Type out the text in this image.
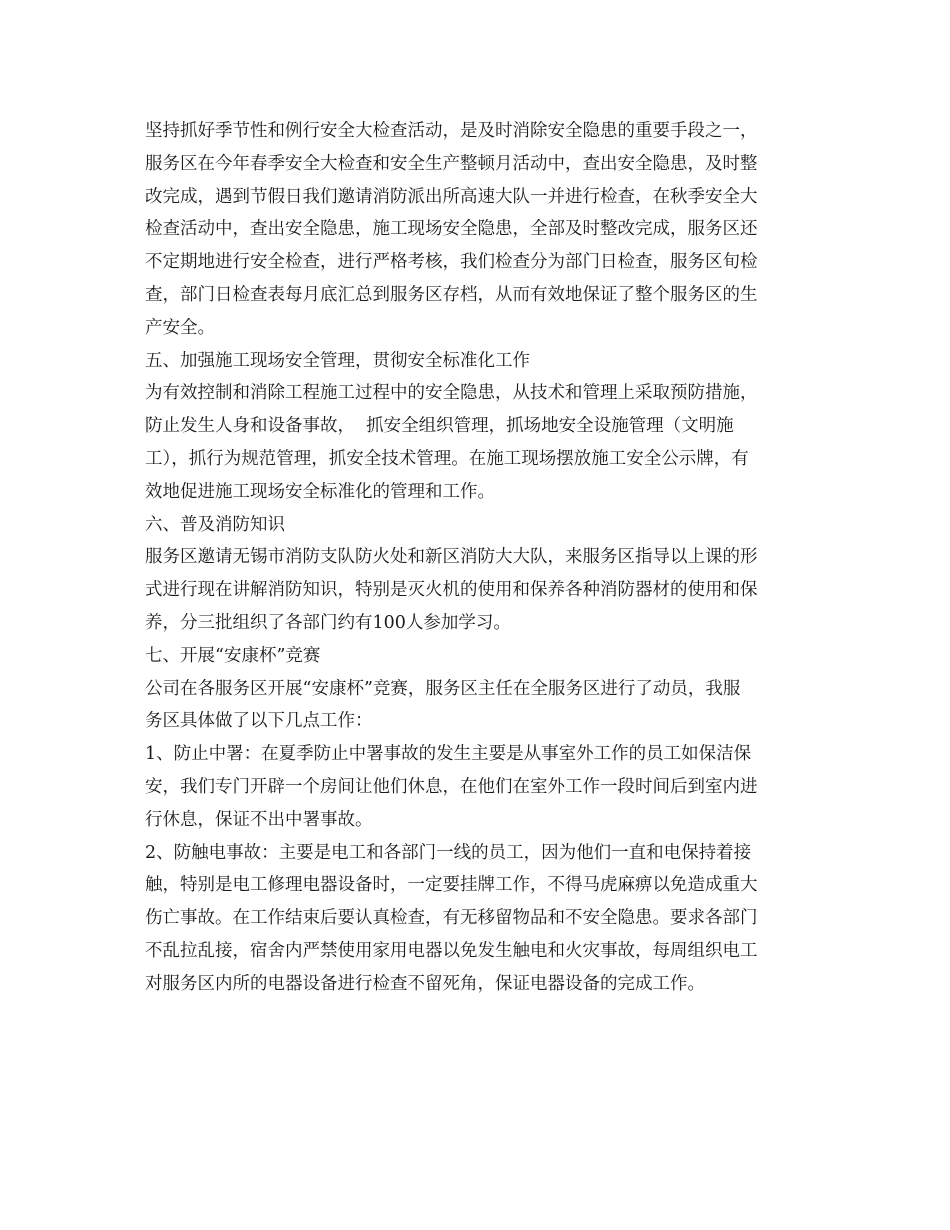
坚持抓好季节性和例行安全大检查活动，是及时消除安全隐患的重要手段之一，
服务区在今年春季安全大检查和安全生产整顿月活动中，查出安全隐患，及时整
改完成，遇到节假日我们邀请消防派出所高速大队一并进行检查，在秋季安全大
检查活动中，查出安全隐患，施工现场安全隐患，全部及时整改完成，服务区还
不定期地进行安全检查，进行严格考核，我们检查分为部门日检查，服务区旬检
查，部门日检查表每月底汇总到服务区存档，从而有效地保证了整个服务区的生
产安全。

五、加强施工现场安全管理，贯彻安全标准化工作

为有效控制和消除工程施工过程中的安全隐患，从技术和管理上采取预防措施，
防止发生人身和设备事故，  抓安全组织管理，抓场地安全设施管理（文明施
工），抓行为规范管理，抓安全技术管理。在施工现场摆放施工安全公示牌，有
效地促进施工现场安全标准化的管理和工作。

六、普及消防知识

服务区邀请无锡市消防支队防火处和新区消防大大队，来服务区指导以上课的形
式进行现在讲解消防知识，特别是灭火机的使用和保养各种消防器材的使用和保
养，分三批组织了各部门约有100人参加学习。

七、开展“安康杯”竞赛

公司在各服务区开展“安康杯”竞赛，服务区主任在全服务区进行了动员，我服
务区具体做了以下几点工作：

1、防止中署：在夏季防止中署事故的发生主要是从事室外工作的员工如保洁保
安，我们专门开辟一个房间让他们休息，在他们在室外工作一段时间后到室内进
行休息，保证不出中署事故。

2、防触电事故：主要是电工和各部门一线的员工，因为他们一直和电保持着接
触，特别是电工修理电器设备时，一定要挂牌工作，不得马虎麻痹以免造成重大
伤亡事故。在工作结束后要认真检查，有无移留物品和不安全隐患。要求各部门
不乱拉乱接，宿舍内严禁使用家用电器以免发生触电和火灾事故，每周组织电工
对服务区内所的电器设备进行检查不留死角，保证电器设备的完成工作。
